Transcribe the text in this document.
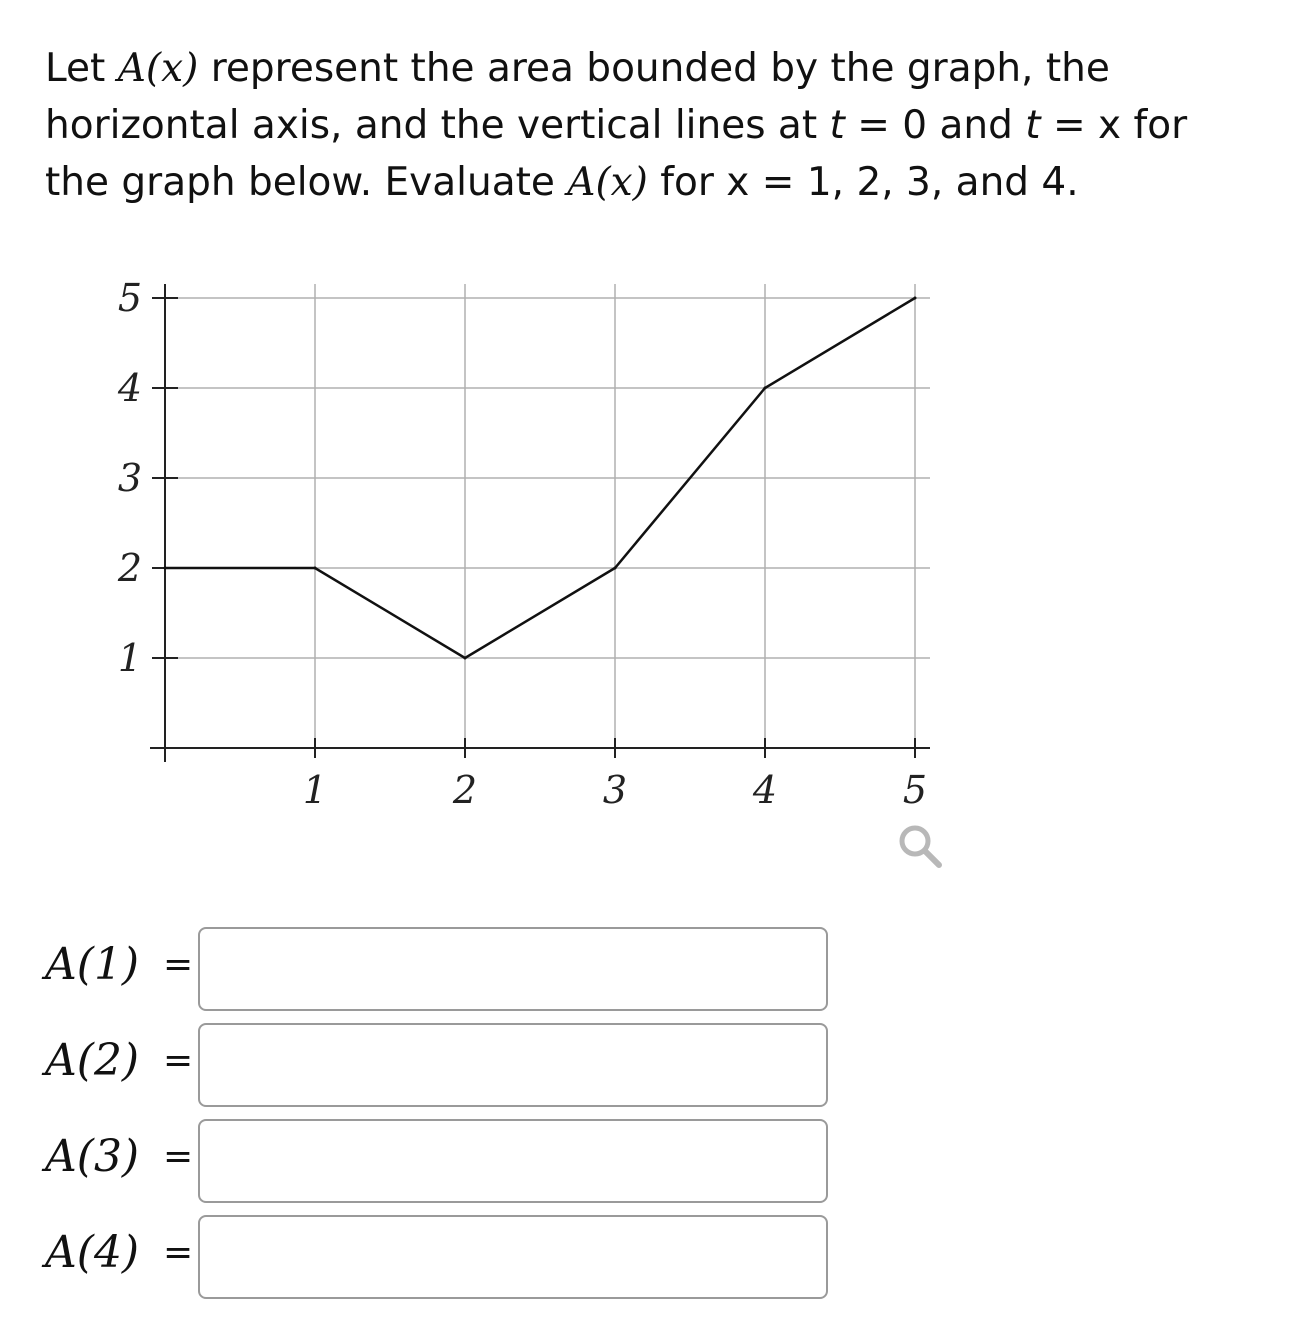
Let A(x) represent the area bounded by the graph, the horizontal axis, and the vertical lines at t = 0 and t = x for the graph below. Evaluate A(x) for x = 1, 2, 3, and 4.
1	2	3	4	5
1
2
3
4
5
A(1) =
A(2) =
A(3) =
A(4) =
